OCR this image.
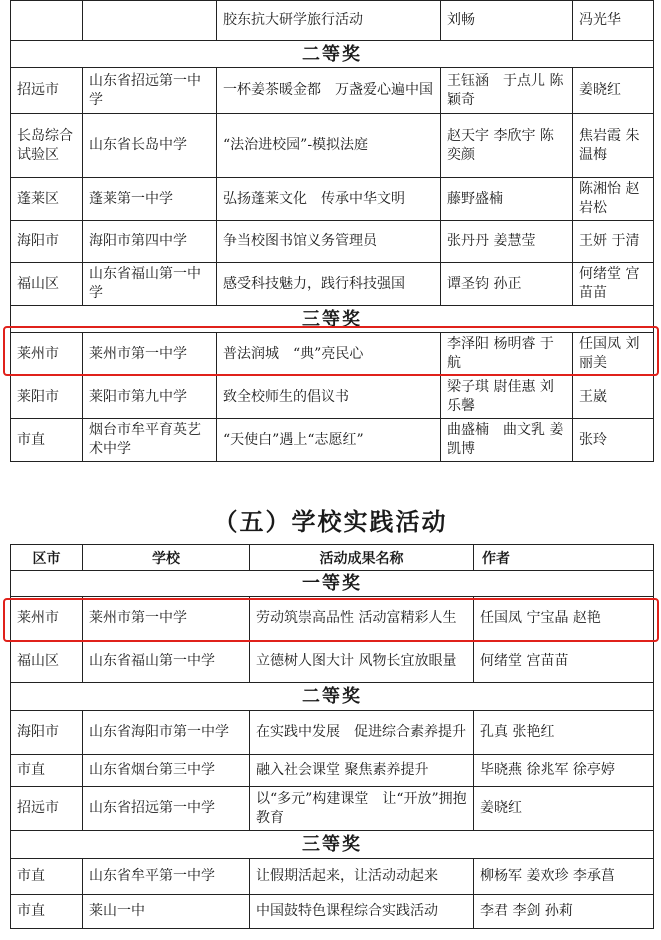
		胶东抗大研学旅行活动	刘畅	冯光华
二等奖				
招远市	山东省招远第一中学	一杯姜茶暖金都　万盏爱心遍中国	王钰涵　于点儿 陈颖奇	姜晓红
长岛综合试验区	山东省长岛中学	“法治进校园”-模拟法庭	赵天宇 李欣宇 陈奕颜	焦岩霞 朱温梅
蓬莱区	蓬莱第一中学	弘扬蓬莱文化　传承中华文明	藤野盛楠	陈湘怡 赵岩松
海阳市	海阳市第四中学	争当校图书馆义务管理员	张丹丹 姜慧莹	王妍 于清
福山区	山东省福山第一中学	感受科技魅力，践行科技强国	谭圣钧 孙正	何绪堂 宫苗苗
三等奖				
莱州市	莱州市第一中学	普法润城　“典”亮民心	李泽阳 杨明睿 于航	任国凤 刘丽美
莱阳市	莱阳市第九中学	致全校师生的倡议书	梁子琪 尉佳惠 刘乐馨	王崴
市直	烟台市牟平育英艺术中学	“天使白”遇上“志愿红”	曲盛楠　曲文乳 姜凯博	张玲
（五）学校实践活动
区市	学校	活动成果名称	作者
一等奖			
莱州市	莱州市第一中学	劳动筑崇高品性 活动富精彩人生	任国凤 宁宝晶 赵艳
福山区	山东省福山第一中学	立德树人图大计 风物长宜放眼量	何绪堂 宫苗苗
二等奖			
海阳市	山东省海阳市第一中学	在实践中发展　促进综合素养提升	孔真 张艳红
市直	山东省烟台第三中学	融入社会课堂 聚焦素养提升	毕晓燕 徐兆军 徐亭婷
招远市	山东省招远第一中学	以“多元”构建课堂　让“开放”拥抱教育	姜晓红
三等奖			
市直	山东省牟平第一中学	让假期活起来，让活动动起来	柳杨军 姜欢珍 李承菖
市直	莱山一中	中国鼓特色课程综合实践活动	李君 李剑 孙莉
